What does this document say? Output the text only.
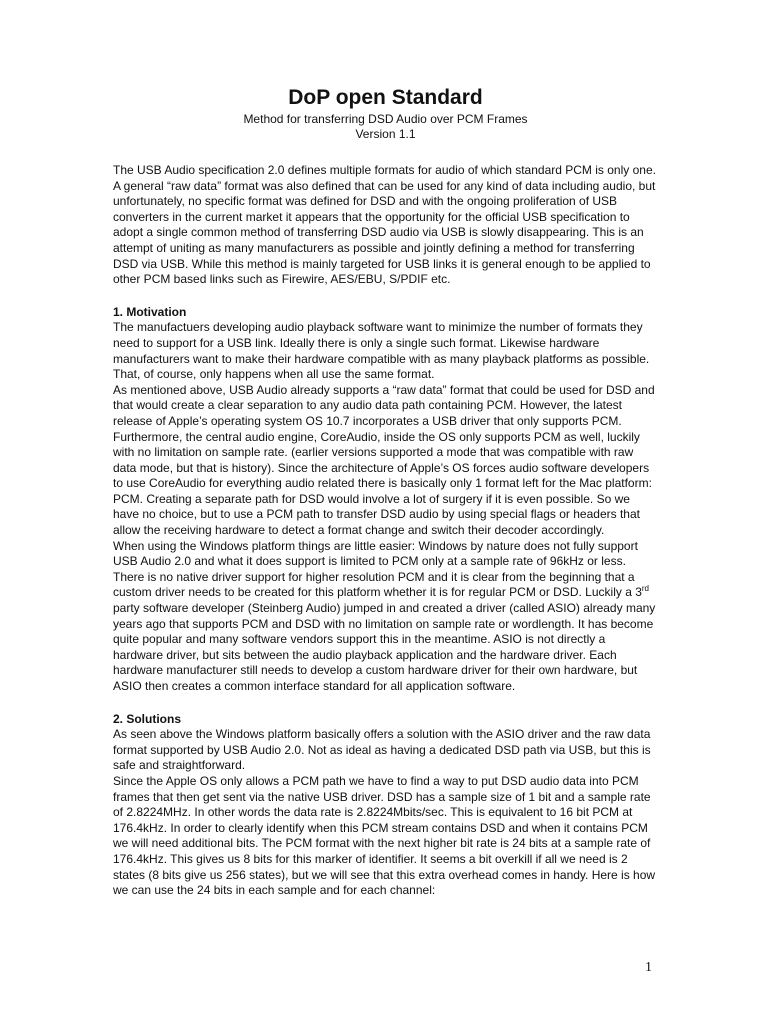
DoP open Standard

Method for transferring DSD Audio over PCM Frames

Version 1.1

The USB Audio specification 2.0 defines multiple formats for audio of which standard PCM is only one. A general “raw data” format was also defined that can be used for any kind of data including audio, but unfortunately, no specific format was defined for DSD and with the ongoing proliferation of USB converters in the current market it appears that the opportunity for the official USB specification to adopt a single common method of transferring DSD audio via USB is slowly disappearing. This is an attempt of uniting as many manufacturers as possible and jointly defining a method for transferring DSD via USB. While this method is mainly targeted for USB links it is general enough to be applied to other PCM based links such as Firewire, AES/EBU, S/PDIF etc.

1. Motivation

The manufactuers developing audio playback software want to minimize the number of formats they need to support for a USB link. Ideally there is only a single such format. Likewise hardware manufacturers want to make their hardware compatible with as many playback platforms as possible. That, of course, only happens when all use the same format.

As mentioned above, USB Audio already supports a “raw data” format that could be used for DSD and that would create a clear separation to any audio data path containing PCM. However, the latest release of Apple’s operating system OS 10.7 incorporates a USB driver that only supports PCM. Furthermore, the central audio engine, CoreAudio, inside the OS only supports PCM as well, luckily with no limitation on sample rate. (earlier versions supported a mode that was compatible with raw data mode, but that is history). Since the architecture of Apple’s OS forces audio software developers to use CoreAudio for everything audio related there is basically only 1 format left for the Mac platform: PCM. Creating a separate path for DSD would involve a lot of surgery if it is even possible. So we have no choice, but to use a PCM path to transfer DSD audio by using special flags or headers that allow the receiving hardware to detect a format change and switch their decoder accordingly.

When using the Windows platform things are little easier: Windows by nature does not fully support USB Audio 2.0 and what it does support is limited to PCM only at a sample rate of 96kHz or less. There is no native driver support for higher resolution PCM and it is clear from the beginning that a custom driver needs to be created for this platform whether it is for regular PCM or DSD. Luckily a 3rd party software developer (Steinberg Audio) jumped in and created a driver (called ASIO) already many years ago that supports PCM and DSD with no limitation on sample rate or wordlength. It has become quite popular and many software vendors support this in the meantime. ASIO is not directly a hardware driver, but sits between the audio playback application and the hardware driver. Each hardware manufacturer still needs to develop a custom hardware driver for their own hardware, but ASIO then creates a common interface standard for all application software.

2. Solutions

As seen above the Windows platform basically offers a solution with the ASIO driver and the raw data format supported by USB Audio 2.0. Not as ideal as having a dedicated DSD path via USB, but this is safe and straightforward.

Since the Apple OS only allows a PCM path we have to find a way to put DSD audio data into PCM frames that then get sent via the native USB driver. DSD has a sample size of 1 bit and a sample rate of 2.8224MHz. In other words the data rate is 2.8224Mbits/sec. This is equivalent to 16 bit PCM at 176.4kHz. In order to clearly identify when this PCM stream contains DSD and when it contains PCM we will need additional bits. The PCM format with the next higher bit rate is 24 bits at a sample rate of 176.4kHz. This gives us 8 bits for this marker of identifier. It seems a bit overkill if all we need is 2 states (8 bits give us 256 states), but we will see that this extra overhead comes in handy. Here is how we can use the 24 bits in each sample and for each channel:

1
